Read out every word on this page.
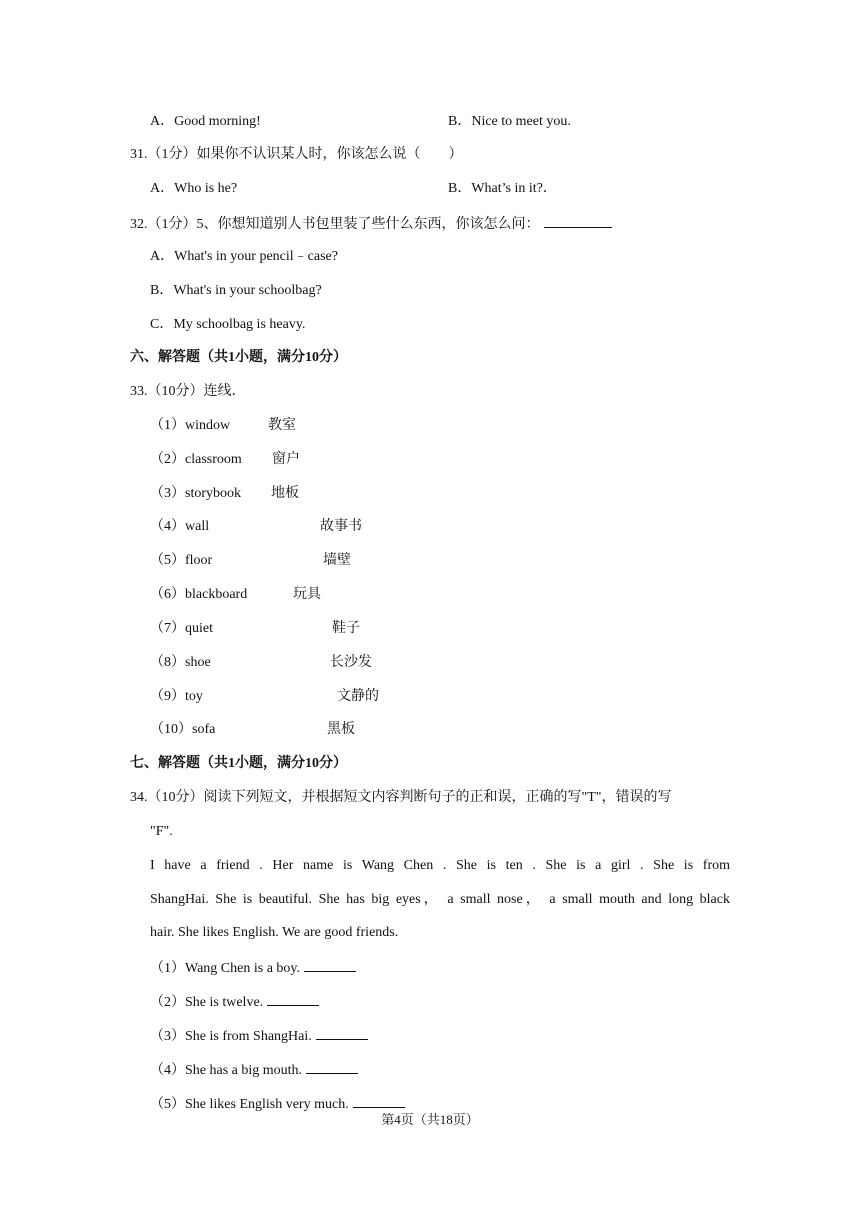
A．Good morning!	B．Nice to meet you.
31.（1分）如果你不认识某人时，你该怎么说（　　）
A．Who is he?	B．What’s in it?．
32.（1分）5、你想知道别人书包里装了些什么东西，你该怎么问：
A．What's in your pencil﹣case?
B．What's in your schoolbag?
C．My schoolbag is heavy.
六、解答题（共1小题，满分10分）
33.（10分）连线．
（1）window	教室
（2）classroom 窗户
（3）storybook 地板
（4）wall	故事书
（5）floor	墙壁
（6）blackboard	玩具
（7）quiet	鞋子
（8）shoe	长沙发
（9）toy	文静的
（10）sofa	黑板
七、解答题（共1小题，满分10分）
34.（10分）阅读下列短文，并根据短文内容判断句子的正和误，正确的写"T"，错误的写
"F".
I have a friend . Her name is Wang Chen . She is ten . She is a girl . She is from
ShangHai. She is beautiful. She has big eyes， a small nose， a small mouth and long black
hair. She likes English. We are good friends.
（1）Wang Chen is a boy.
（2）She is twelve.
（3）She is from ShangHai.
（4）She has a big mouth.
（5）She likes English very much.
第4页（共18页）
